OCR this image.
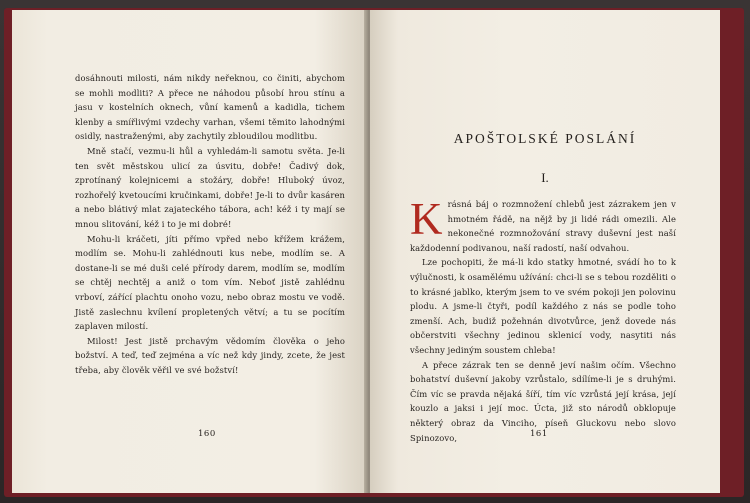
dosáhnouti milosti, nám nikdy neřeknou, co činiti, abychom se mohli modliti? A přece ne náhodou působí hrou stínu a jasu v kostelních oknech, vůní kamenů a kadidla, tichem klenby a smířlivými vzdechy varhan, všemi těmito lahodnými osidly, nastraženými, aby zachytily zbloudilou modlitbu.

Mně stačí, vezmu-li hůl a vyhledám-li samotu světa. Je-li ten svět městskou ulicí za úsvitu, dobře! Čadivý dok, zprotínaný kolejnicemi a stožáry, dobře! Hluboký úvoz, rozhořelý kvetoucími kručinkami, dobře! Je-li to dvůr kasáren a nebo blátivý mlat zajateckého tábora, ach! kéž i ty mají se mnou slitování, kéž i to je mi dobré!

Mohu-li kráčeti, jíti přímo vpřed nebo křížem krážem, modlím se. Mohu-li zahlédnouti kus nebe, modlím se. A dostane-li se mé duši celé přírody darem, modlím se, modlím se chtěj nechtěj a aniž o tom vím. Neboť jistě zahlédnu vrboví, zářící plachtu onoho vozu, nebo obraz mostu ve vodě. Jistě zaslechnu kvílení propletených větví; a tu se pocítím zaplaven milostí.

Milost! Jest jistě prchavým vědomím člověka o jeho božství. A teď, teď zejména a víc než kdy jindy, zcete, že jest třeba, aby člověk věřil ve své božství!

160
APOŠTOLSKÉ POSLÁNÍ
I.

Krásná báj o rozmnožení chlebů jest zázrakem jen v hmotném řádě, na nějž by ji lidé rádi omezili. Ale nekonečné rozmnožování stravy duševní jest naší každodenní podivanou, naší radostí, naší odvahou.

Lze pochopiti, že má-li kdo statky hmotné, svádí ho to k výlučnosti, k osamělému užívání: chci-li se s tebou rozděliti o to krásné jablko, kterým jsem to ve svém pokoji jen polovinu plodu. A jsme-li čtyři, podíl každého z nás se podle toho zmenší. Ach, budiž požehnán divotvůrce, jenž dovede nás občerstviti všechny jedinou sklenicí vody, nasytiti nás všechny jediným soustem chleba!

A přece zázrak ten se denně jeví našim očím. Všechno bohatství duševní jakoby vzrůstalo, sdílíme-li je s druhými. Čím víc se pravda nějaká šíří, tím víc vzrůstá její krása, její kouzlo a jaksi i její moc. Úcta, již sto národů obklopuje některý obraz da Vinciho, píseň Gluckovu nebo slovo Spinozovo,	161
